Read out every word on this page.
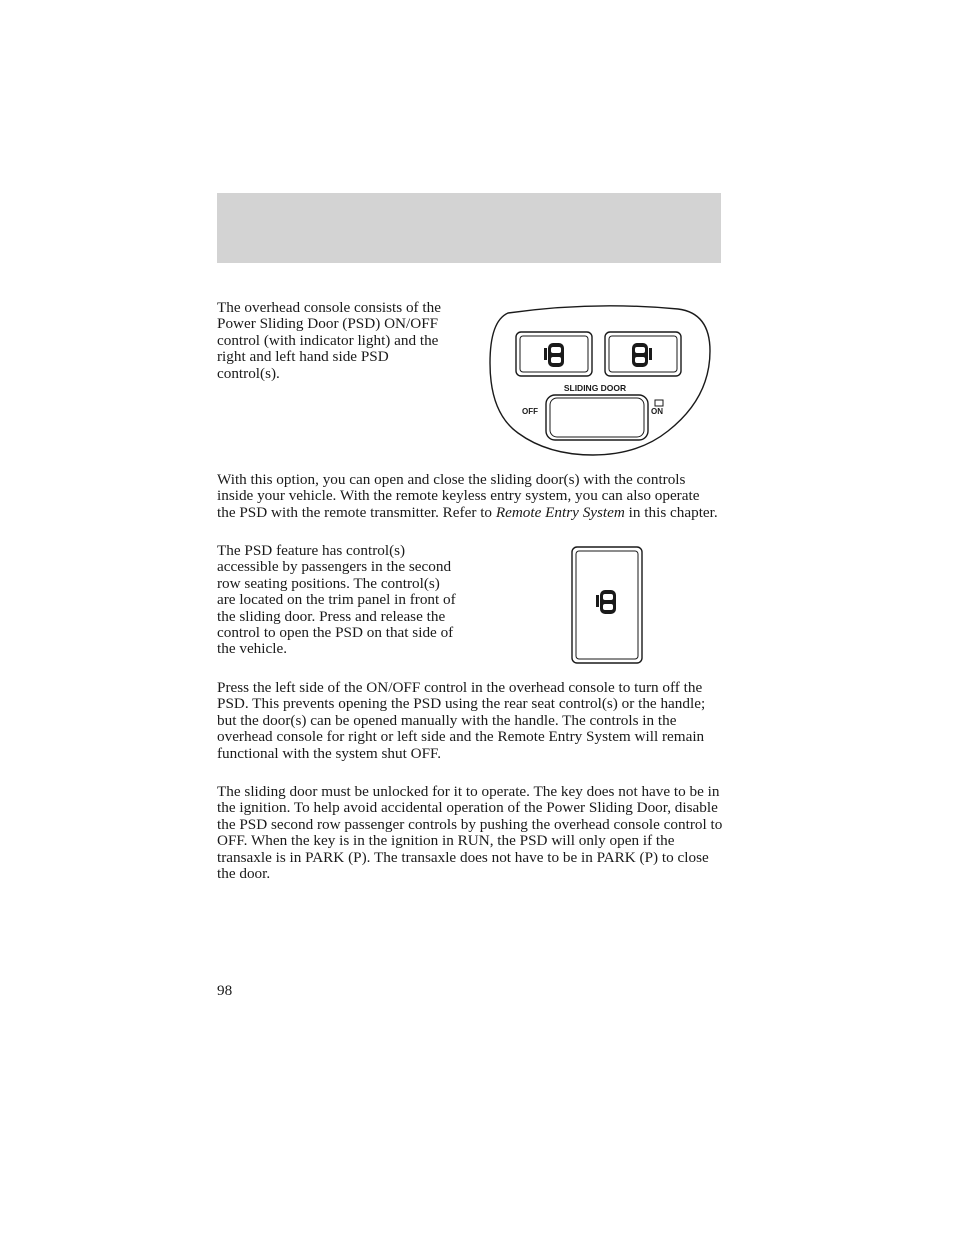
The overhead console consists of the Power Sliding Door (PSD) ON/OFF control (with indicator light) and the right and left hand side PSD control(s).

SLIDING DOOR
OFF	ON

With this option, you can open and close the sliding door(s) with the controls inside your vehicle. With the remote keyless entry system, you can also operate the PSD with the remote transmitter. Refer to Remote Entry System in this chapter.

The PSD feature has control(s) accessible by passengers in the second row seating positions. The control(s) are located on the trim panel in front of the sliding door. Press and release the control to open the PSD on that side of the vehicle.

Press the left side of the ON/OFF control in the overhead console to turn off the PSD. This prevents opening the PSD using the rear seat control(s) or the handle; but the door(s) can be opened manually with the handle. The controls in the overhead console for right or left side and the Remote Entry System will remain functional with the system shut OFF.

The sliding door must be unlocked for it to operate. The key does not have to be in the ignition. To help avoid accidental operation of the Power Sliding Door, disable the PSD second row passenger controls by pushing the overhead console control to OFF. When the key is in the ignition in RUN, the PSD will only open if the transaxle is in PARK (P). The transaxle does not have to be in PARK (P) to close the door.

98
